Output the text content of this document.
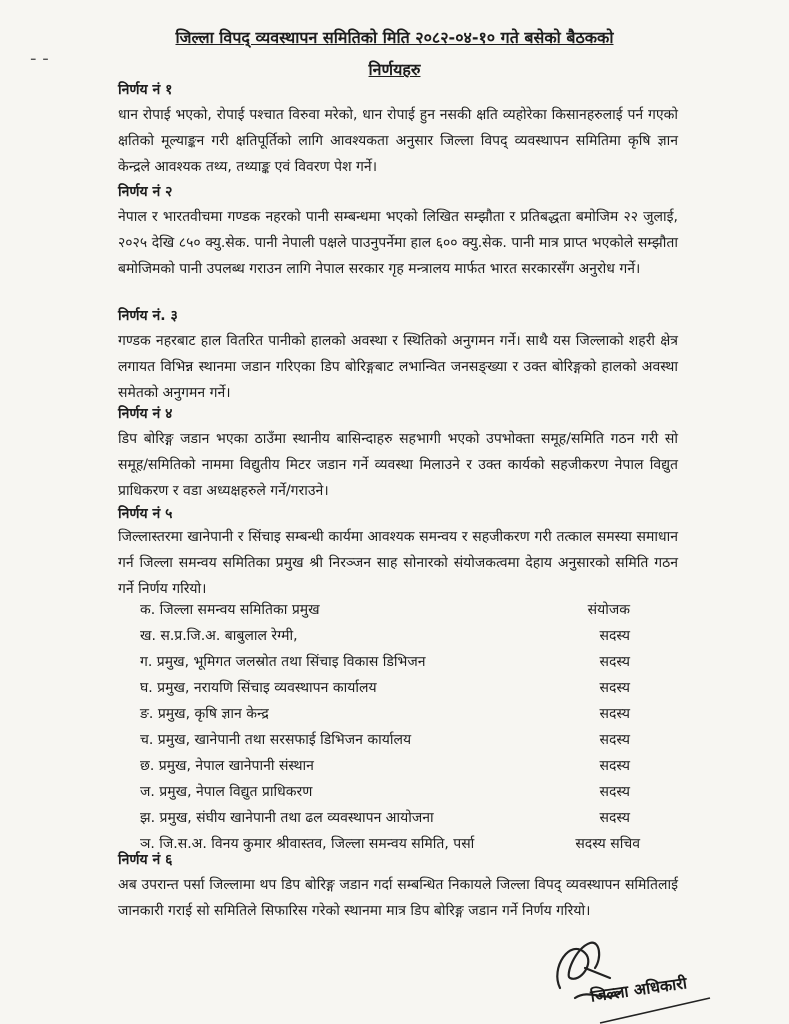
- -
जिल्ला विपद् व्यवस्थापन समितिको मिति २०८२-०४-१० गते बसेको बैठकको
निर्णयहरु
निर्णय नं १
धान रोपाई भएको, रोपाई पश्चात विरुवा मरेको, धान रोपाई हुन नसकी क्षति व्यहोरेका किसानहरुलाई पर्न गएको क्षतिको मूल्याङ्कन गरी क्षतिपूर्तिको लागि आवश्यकता अनुसार जिल्ला विपद् व्यवस्थापन समितिमा कृषि ज्ञान केन्द्रले आवश्यक तथ्य, तथ्याङ्क एवं विवरण पेश गर्ने।
निर्णय नं २
नेपाल र भारतवीचमा गण्डक नहरको पानी सम्बन्धमा भएको लिखित सम्झौता र प्रतिबद्धता बमोजिम २२ जुलाई, २०२५ देखि ८५० क्यु.सेक. पानी नेपाली पक्षले पाउनुपर्नेमा हाल ६०० क्यु.सेक. पानी मात्र प्राप्त भएकोले सम्झौता बमोजिमको पानी उपलब्ध गराउन लागि नेपाल सरकार गृह मन्त्रालय मार्फत भारत सरकारसँग अनुरोध गर्ने।
निर्णय नं. ३
गण्डक नहरबाट हाल वितरित पानीको हालको अवस्था र स्थितिको अनुगमन गर्ने। साथै यस जिल्लाको शहरी क्षेत्र लगायत विभिन्न स्थानमा जडान गरिएका डिप बोरिङ्गबाट लभान्वित जनसङ्ख्या र उक्त बोरिङ्गको हालको अवस्था समेतको अनुगमन गर्ने।
निर्णय नं ४
डिप बोरिङ्ग जडान भएका ठाउँमा स्थानीय बासिन्दाहरु सहभागी भएको उपभोक्ता समूह/समिति गठन गरी सो समूह/समितिको नाममा विद्युतीय मिटर जडान गर्ने व्यवस्था मिलाउने र उक्त कार्यको सहजीकरण नेपाल विद्युत प्राधिकरण र वडा अध्यक्षहरुले गर्ने/गराउने।
निर्णय नं ५
जिल्लास्तरमा खानेपानी र सिंचाइ सम्बन्धी कार्यमा आवश्यक समन्वय र सहजीकरण गरी तत्काल समस्या समाधान गर्न जिल्ला समन्वय समितिका प्रमुख श्री निरञ्जन साह सोनारको संयोजकत्वमा देहाय अनुसारको समिति गठन गर्ने निर्णय गरियो।
क. जिल्ला समन्वय समितिका प्रमुख	संयोजक
ख. स.प्र.जि.अ. बाबुलाल रेग्मी,	सदस्य
ग. प्रमुख, भूमिगत जलस्रोत तथा सिंचाइ विकास डिभिजन	सदस्य
घ. प्रमुख, नरायणि सिंचाइ व्यवस्थापन कार्यालय	सदस्य
ङ. प्रमुख, कृषि ज्ञान केन्द्र	सदस्य
च. प्रमुख, खानेपानी तथा सरसफाई डिभिजन कार्यालय	सदस्य
छ. प्रमुख, नेपाल खानेपानी संस्थान	सदस्य
ज. प्रमुख, नेपाल विद्युत प्राधिकरण	सदस्य
झ. प्रमुख, संघीय खानेपानी तथा ढल व्यवस्थापन आयोजना	सदस्य
ञ. जि.स.अ. विनय कुमार श्रीवास्तव, जिल्ला समन्वय समिति, पर्सा	सदस्य सचिव
निर्णय नं ६
अब उपरान्त पर्सा जिल्लामा थप डिप बोरिङ्ग जडान गर्दा सम्बन्धित निकायले जिल्ला विपद् व्यवस्थापन समितिलाई जानकारी गराई सो समितिले सिफारिस गरेको स्थानमा मात्र डिप बोरिङ्ग जडान गर्ने निर्णय गरियो।
जिल्ला अधिकारी
